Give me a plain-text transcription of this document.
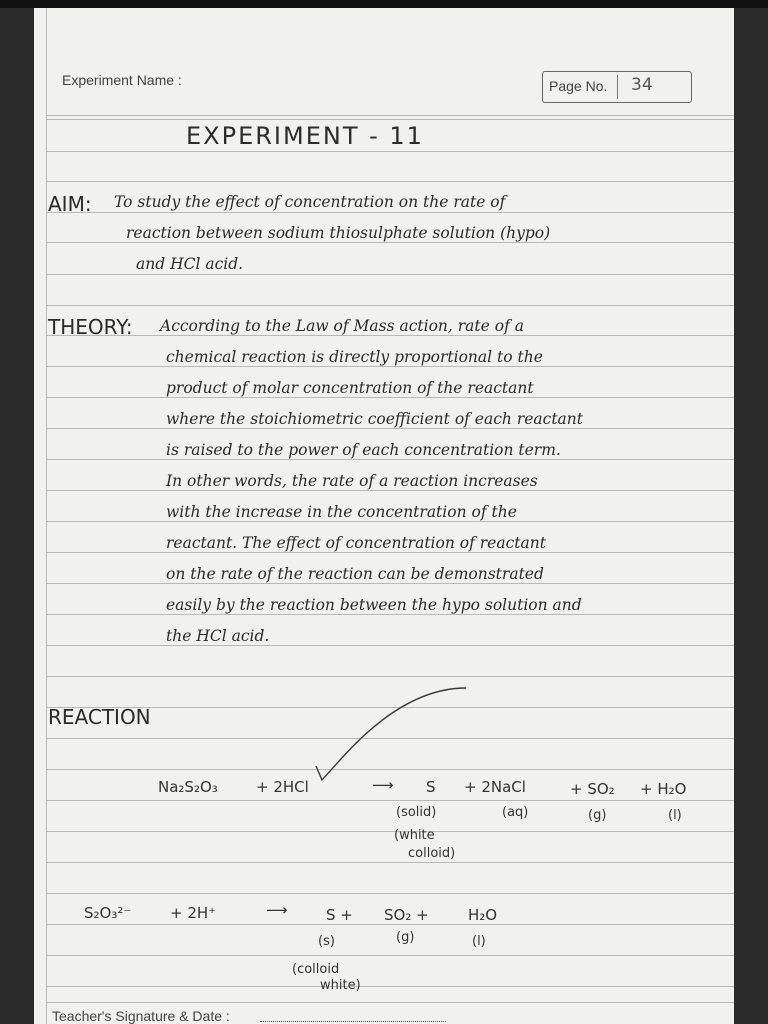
Experiment Name :	Page No. 34
EXPERIMENT - 11
AIM: To study the effect of concentration on the rate of
reaction between sodium thiosulphate solution (hypo)
and HCl acid.
THEORY: According to the Law of Mass action, rate of a
chemical reaction is directly proportional to the
product of molar concentration of the reactant
where the stoichiometric coefficient of each reactant
is raised to the power of each concentration term.
In other words, the rate of a reaction increases
with the increase in the concentration of the
reactant. The effect of concentration of reactant
on the rate of the reaction can be demonstrated
easily by the reaction between the hypo solution and
the HCl acid.
REACTION
Na₂S₂O₃	+ 2HCl	⟶ S + 2NaCl	+ SO₂ + H₂O
(solid)	(aq)	(g)	(l)
(white
colloid)
S₂O₃²⁻	+ 2H⁺	⟶	S + SO₂ +	H₂O
(s)	(g)	(l)
(colloid
white)
Teacher's Signature & Date :
